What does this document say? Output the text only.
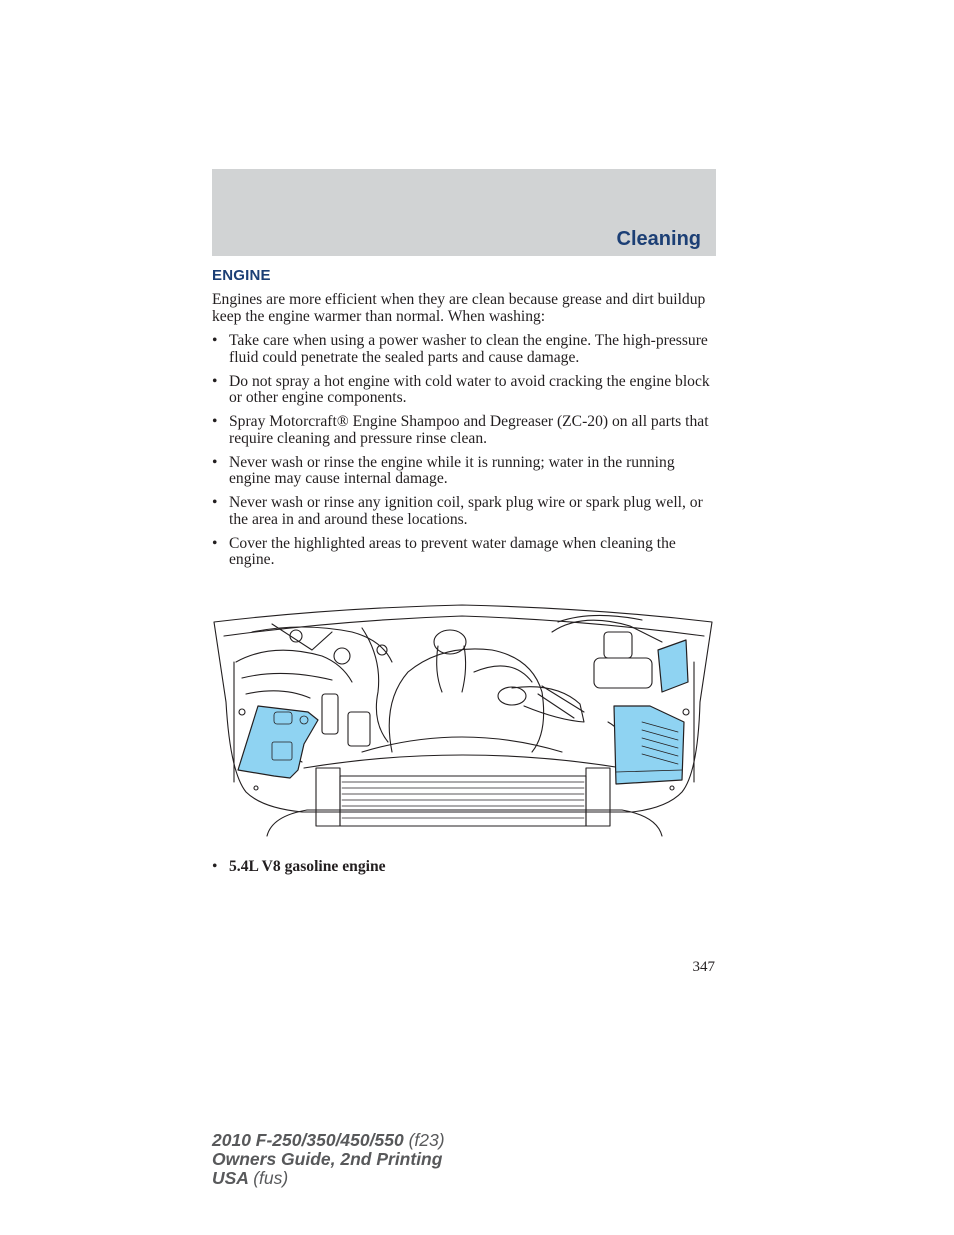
Cleaning
ENGINE
Engines are more efficient when they are clean because grease and dirt buildup keep the engine warmer than normal. When washing:
• Take care when using a power washer to clean the engine. The high-pressure fluid could penetrate the sealed parts and cause damage.
• Do not spray a hot engine with cold water to avoid cracking the engine block or other engine components.
• Spray Motorcraft® Engine Shampoo and Degreaser (ZC-20) on all parts that require cleaning and pressure rinse clean.
• Never wash or rinse the engine while it is running; water in the running engine may cause internal damage.
• Never wash or rinse any ignition coil, spark plug wire or spark plug well, or the area in and around these locations.
• Cover the highlighted areas to prevent water damage when cleaning the engine.
• 5.4L V8 gasoline engine
347
2010 F-250/350/450/550 (f23)
Owners Guide, 2nd Printing
USA (fus)
